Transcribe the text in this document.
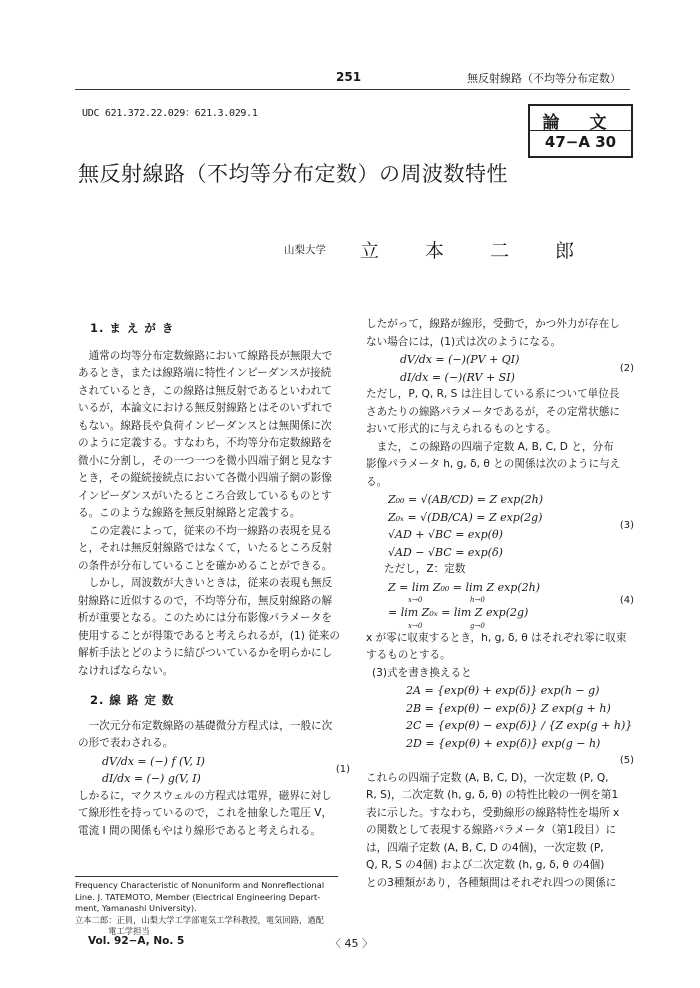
251	無反射線路（不均等分布定数）
UDC 621.372.22.029：621.3.029.1	論 文
47−A 30
無反射線路（不均等分布定数）の周波数特性
山梨大学 立 本 二 郎

1. ま え が き

通常の均等分布定数線路において線路長が無限大で

あるとき，または線路端に特性インピーダンスが接続

されているとき，この線路は無反射であるといわれて

いるが，本論文における無反射線路とはそのいずれで

もない。線路長や負荷インピーダンスとは無関係に次

のように定義する。すなわち，不均等分布定数線路を

微小に分割し，その一つ一つを微小四端子網と見なす

とき，その縦続接続点において各微小四端子網の影像

インピーダンスがいたるところ合致しているものとす

る。このような線路を無反射線路と定義する。

この定義によって，従来の不均一線路の表現を見る

と，それは無反射線路ではなくて，いたるところ反射

の条件が分布していることを確かめることができる。

しかし，周波数が大きいときは，従来の表現も無反

射線路に近似するので，不均等分布，無反射線路の解

析が重要となる。このためには分布影像パラメータを

使用することが得策であると考えられるが，(1) 従来の

解析手法とどのように結びついているかを明らかにし

なければならない。

2. 線 路 定 数

一次元分布定数線路の基礎微分方程式は，一般に次

の形で表わされる。

dV/dx = (−) f (V, I)
dI/dx = (−) g(V, I)
(1)

しかるに，マクスウェルの方程式は電界，磁界に対し

て線形性を持っているので，これを抽象した電圧 V，

電流 I 間の関係もやはり線形であると考えられる。

Frequency Characteristic of Nonuniform and Nonreflectional

Line. J. TATEMOTO, Member (Electrical Engineering Depart-

ment, Yamanashi University).

立本二郎：正員，山梨大学工学部電気工学科教授，電気回路，過配

　　　　電工学担当

したがって，線路が線形，受動で，かつ外力が存在し

ない場合には，(1)式は次のようになる。

dV/dx = (−)(PV + QI)
dI/dx = (−)(RV + SI)
(2)

ただし，P, Q, R, S は注目している系について単位長

さあたりの線路パラメータであるが，その定常状態に

おいて形式的に与えられるものとする。

また，この線路の四端子定数 A, B, C, D と，分布

影像パラメータ h, g, δ, θ との関係は次のように与え

る。

Z₀₀ = √(AB/CD) = Z exp(2h)
Z₀ₓ = √(DB/CA) = Z exp(2g)
√AD + √BC = exp(θ)
(3)
√AD − √BC = exp(δ)

ただし，Z：定数

Z = lim Z₀₀ = lim Z exp(2h)
x→0	h→0
= lim Z₀ₓ = lim Z exp(2g)
(4)
x→0	g→0

x が零に収束するとき，h, g, δ, θ はそれぞれ零に収束

するものとする。

(3)式を書き換えると

2A = {exp(θ) + exp(δ)} exp(h − g)
2B = {exp(θ) − exp(δ)} Z exp(g + h)
2C = {exp(θ) − exp(δ)} / {Z exp(g + h)}
2D = {exp(θ) + exp(δ)} exp(g − h)
(5)

これらの四端子定数 (A, B, C, D)，一次定数 (P, Q,

R, S)，二次定数 (h, g, δ, θ) の特性比較の一例を第1

表に示した。すなわち，受動線形の線路特性を場所 x

の関数として表現する線路パラメータ（第1段目）に

は，四端子定数 (A, B, C, D の4個)，一次定数 (P,

Q, R, S の4個) および二次定数 (h, g, δ, θ の4個)

との3種類があり，各種類間はそれぞれ四つの関係に

Vol. 92−A, No. 5	〈 45 〉
